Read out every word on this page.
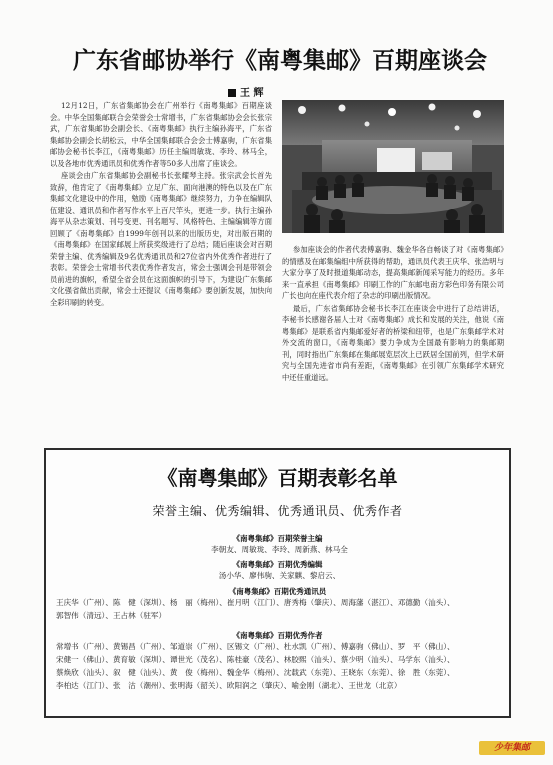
广东省邮协举行《南粤集邮》百期座谈会
王 辉

12月12日，广东省集邮协会在广州举行《南粤集邮》百期座谈会。中华全国集邮联合会荣誉会士常增书，广东省集邮协会会长张宗武，广东省集邮协会副会长、《南粤集邮》执行主编孙海平，广东省集邮协会副会长胡松云，中华全国集邮联合会会士傅嘉驹，广东省集邮协会秘书长李江，《南粤集邮》历任主编周敏珑、李玲、林马全，以及各地市优秀通讯员和优秀作者等50多人出席了座谈会。

座谈会由广东省集邮协会副秘书长张耀琴主持。张宗武会长首先致辞，他肯定了《南粤集邮》立足广东、面向港澳的特色以及在广东集邮文化建设中的作用，勉励《南粤集邮》继续努力，力争在编辑队伍建设、通讯员和作者写作水平上百尺竿头，更进一步。执行主编孙海平从杂志策划、刊号变更、刊名题写、风格特色、主编编辑等方面回顾了《南粤集邮》自1999年创刊以来的出版历史，对出版百期的《南粤集邮》在国家邮展上所获奖级进行了总结；随后座谈会对百期荣誉主编、优秀编辑及9名优秀通讯员和27位省内外优秀作者进行了表彰。荣誉会士常增书代表优秀作者发言，常会士强调会刊是带领会员前进的旗帜，希望全省会员在这面旗帜的引导下，为建设广东集邮文化强省做出贡献，常会士还提议《南粤集邮》要创新发展，加快向全彩印刷的转变。

参加座谈会的作者代表傅嘉驹、魏金华各自畅谈了对《南粤集邮》的情感及在邮集编组中所获得的帮助，通讯员代表王庆华、张浩明与大家分享了及时报道集邮动态，提高集邮新闻采写能力的经历。多年来一直承担《南粤集邮》印刷工作的广东邮电南方彩色印务有限公司广长也向在座代表介绍了杂志的印刷出版情况。

最后，广东省集邮协会秘书长李江在座谈会中进行了总结讲话，李秘书长感谢各届人士对《南粤集邮》成长和发展的关注，他说《南粤集邮》是联系省内集邮爱好者的桥梁和纽带，也是广东集邮学术对外交流的窗口，《南粤集邮》要力争成为全国最有影响力的集邮期刊，同时指出广东集邮在集邮展览层次上已跃居全国前列，但学术研究与全国先进省市尚有差距，《南粤集邮》在引领广东集邮学术研究中还任重道远。

《南粤集邮》百期表彰名单
荣誉主编、优秀编辑、优秀通讯员、优秀作者
《南粤集邮》百期荣誉主编
李朝友、周敏珑、李玲、周新燕、林马全
《南粤集邮》百期优秀编辑
汤小华、廖伟驹、关家麒、黎启云、
《南粤集邮》百期优秀通讯员
王庆华（广州）、陈　健（深圳）、杨　丽（梅州）、崔月明（江门）、唐秀梅（肇庆）、周海藩（湛江）、邓德勤（汕头）、
郭智伟（清远）、王占林（驻军）
《南粤集邮》百期优秀作者
常增书（广州）、黄锡昌（广州）、邹道崇（广州）、区锡文（广州）、杜水凯（广州）、傅嘉驹（佛山）、罗　平（佛山）、
宋健一（佛山）、黄育敏（深圳）、谭世光（茂名）、陈桂豪（茂名）、林胶熙（汕头）、蔡少明（汕头）、马学东（汕头）、
蔡焕欣（汕头）、叙　健（汕头）、黄　俊（梅州）、魏金华（梅州）、沈载武（东莞）、王晓东（东莞）、徐　胜（东莞）、
李柏达（江门）、张　沽（潮州）、张明海（韶关）、欧阳润之（肇庆）、喻金刚（湖北）、王世龙（北京）
少年集邮
